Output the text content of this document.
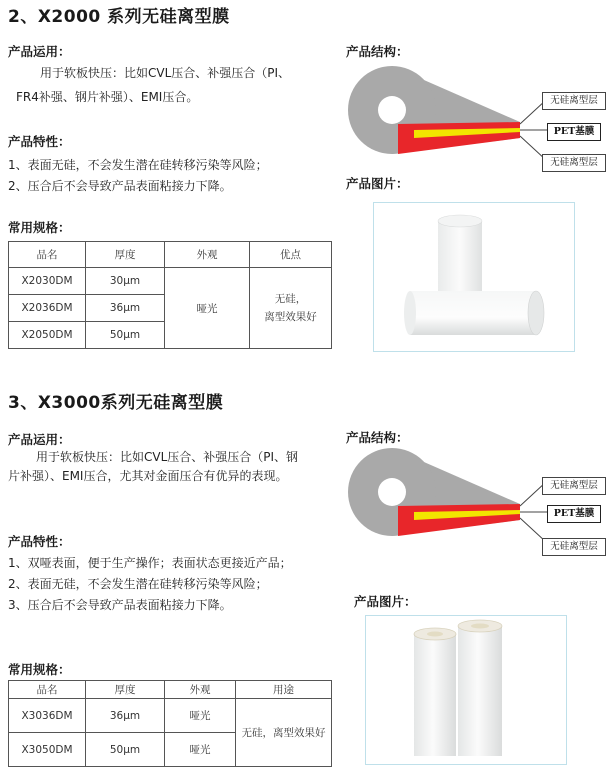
2、X2000 系列无硅离型膜
产品运用：
用于软板快压：比如CVL压合、补强压合（PI、
FR4补强、钢片补强）、EMI压合。
产品特性：
1、表面无硅，不会发生潜在硅转移污染等风险；
2、压合后不会导致产品表面粘接力下降。
常用规格：
品名	厚度	外观	优点
X2030DM	30μm	哑光	无硅，
离型效果好

X2036DM	36μm		
X2050DM	50μm		
产品结构：
无硅离型层
PET基膜
无硅离型层
产品图片：
3、X3000系列无硅离型膜
产品运用：
用于软板快压：比如CVL压合、补强压合（PI、钢
片补强）、EMI压合，尤其对金面压合有优异的表现。
产品特性：
1、双哑表面，便于生产操作；表面状态更接近产品；
2、表面无硅，不会发生潜在硅转移污染等风险；
3、压合后不会导致产品表面粘接力下降。
常用规格：
品名	厚度	外观	用途
X3036DM	36μm	哑光	无硅，离型效果好
X3050DM	50μm	哑光	
产品结构：
无硅离型层
PET基膜
无硅离型层
产品图片：
